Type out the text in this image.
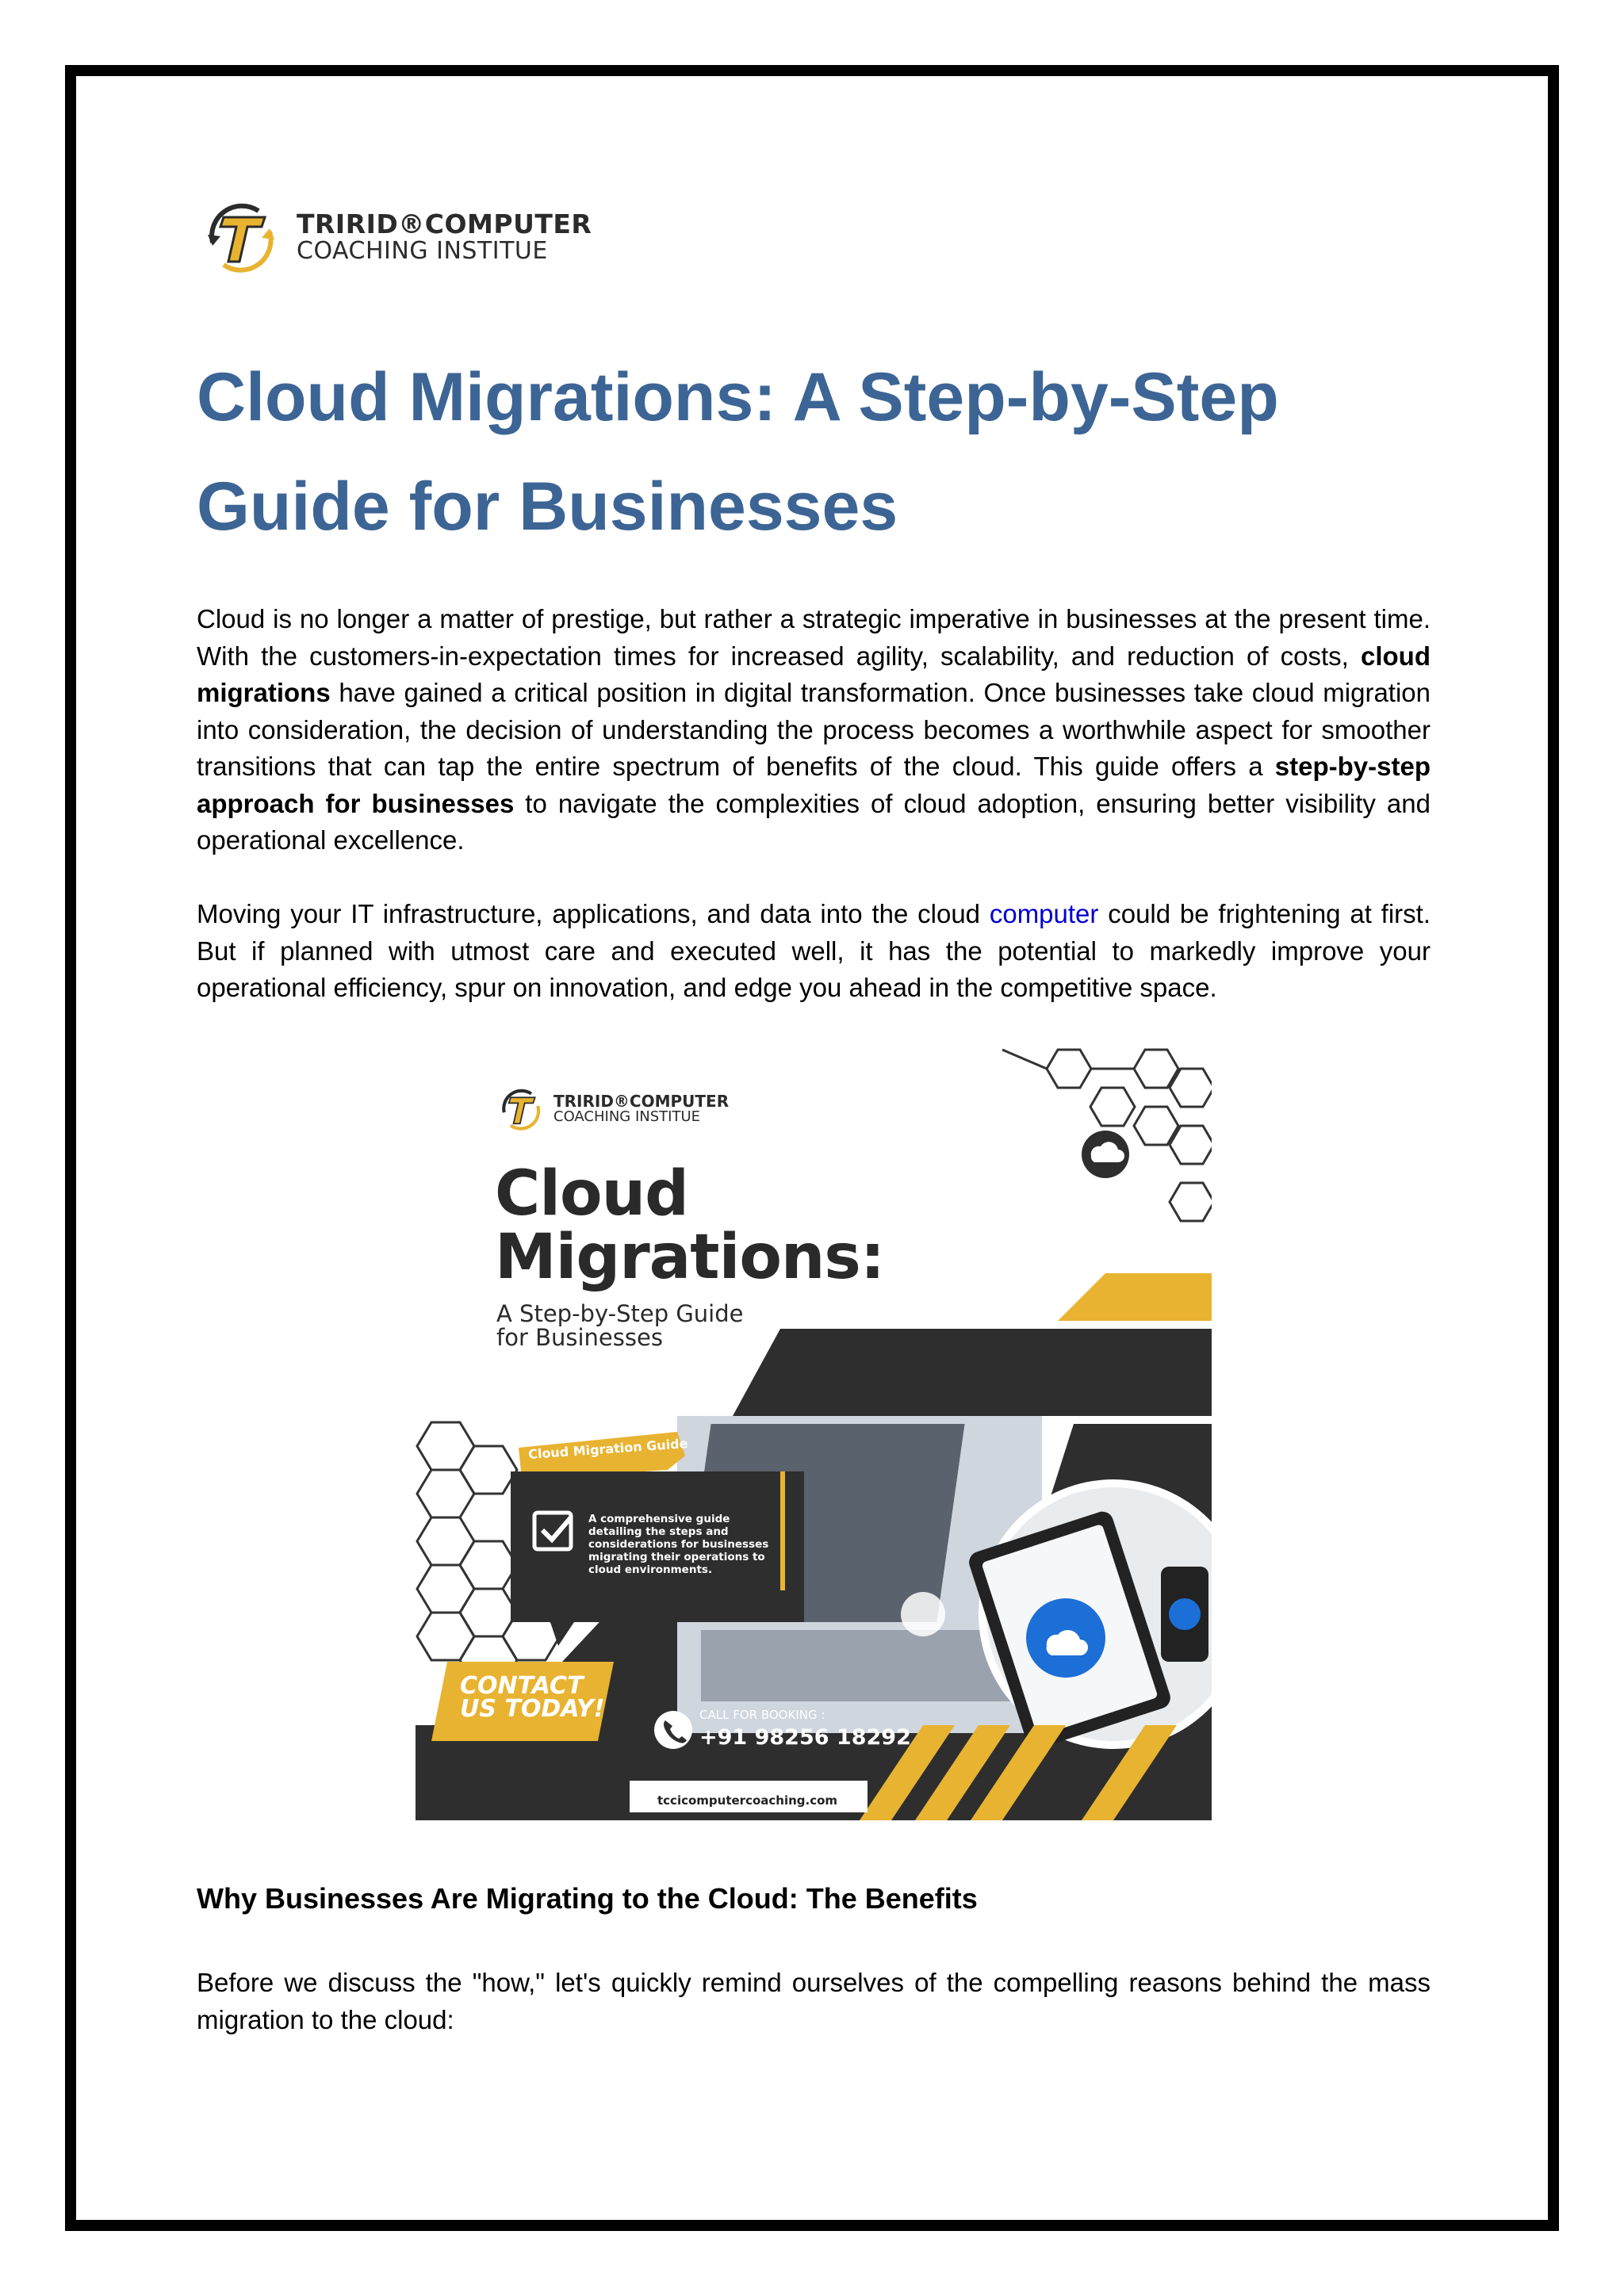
TRIRID®COMPUTER
COACHING INSTITUE
Cloud Migrations: A Step-by-Step
Guide for Businesses

Cloud is no longer a matter of prestige, but rather a strategic imperative in businesses at the present time. With the customers-in-expectation times for increased agility, scalability, and reduction of costs, cloud migrations have gained a critical position in digital transformation. Once businesses take cloud migration into consideration, the decision of understanding the process becomes a worthwhile aspect for smoother transitions that can tap the entire spectrum of benefits of the cloud. This guide offers a step-by-step approach for businesses to navigate the complexities of cloud adoption, ensuring better visibility and operational excellence.

Moving your IT infrastructure, applications, and data into the cloud computer could be frightening at first. But if planned with utmost care and executed well, it has the potential to markedly improve your operational efficiency, spur on innovation, and edge you ahead in the competitive space.

TRIRID®COMPUTER
COACHING INSTITUE
Cloud
Migrations:
A Step-by-Step Guide
for Businesses
Cloud Migration Guide
A comprehensive guide detailing the steps and considerations for businesses migrating their operations to cloud environments.
CONTACT
US TODAY!	CALL FOR BOOKING :
+91 98256 18292
tccicomputercoaching.com
Why Businesses Are Migrating to the Cloud: The Benefits

Before we discuss the "how," let's quickly remind ourselves of the compelling reasons behind the mass migration to the cloud:
